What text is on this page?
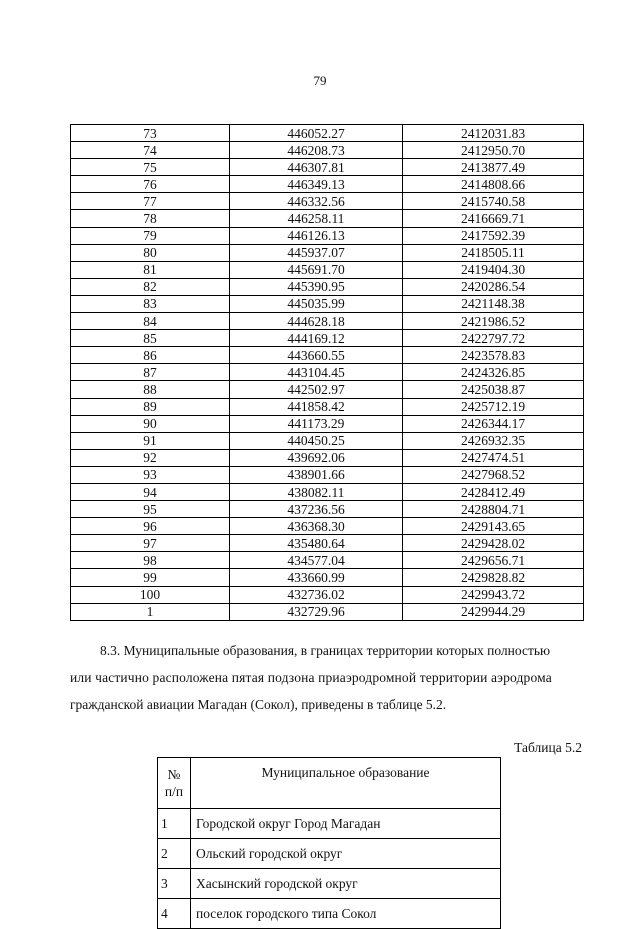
79
73	446052.27	2412031.83
74	446208.73	2412950.70
75	446307.81	2413877.49
76	446349.13	2414808.66
77	446332.56	2415740.58
78	446258.11	2416669.71
79	446126.13	2417592.39
80	445937.07	2418505.11
81	445691.70	2419404.30
82	445390.95	2420286.54
83	445035.99	2421148.38
84	444628.18	2421986.52
85	444169.12	2422797.72
86	443660.55	2423578.83
87	443104.45	2424326.85
88	442502.97	2425038.87
89	441858.42	2425712.19
90	441173.29	2426344.17
91	440450.25	2426932.35
92	439692.06	2427474.51
93	438901.66	2427968.52
94	438082.11	2428412.49
95	437236.56	2428804.71
96	436368.30	2429143.65
97	435480.64	2429428.02
98	434577.04	2429656.71
99	433660.99	2429828.82
100	432736.02	2429943.72
1	432729.96	2429944.29

8.3. Муниципальные образования, в границах территории которых полностью

или частично расположена пятая подзона приаэродромной территории аэродрома

гражданской авиации Магадан (Сокол), приведены в таблице 5.2.

Таблица 5.2
№
п/п	Муниципальное образование
1	Городской округ Город Магадан
2	Ольский городской округ
3	Хасынский городской округ
4	поселок городского типа Сокол
